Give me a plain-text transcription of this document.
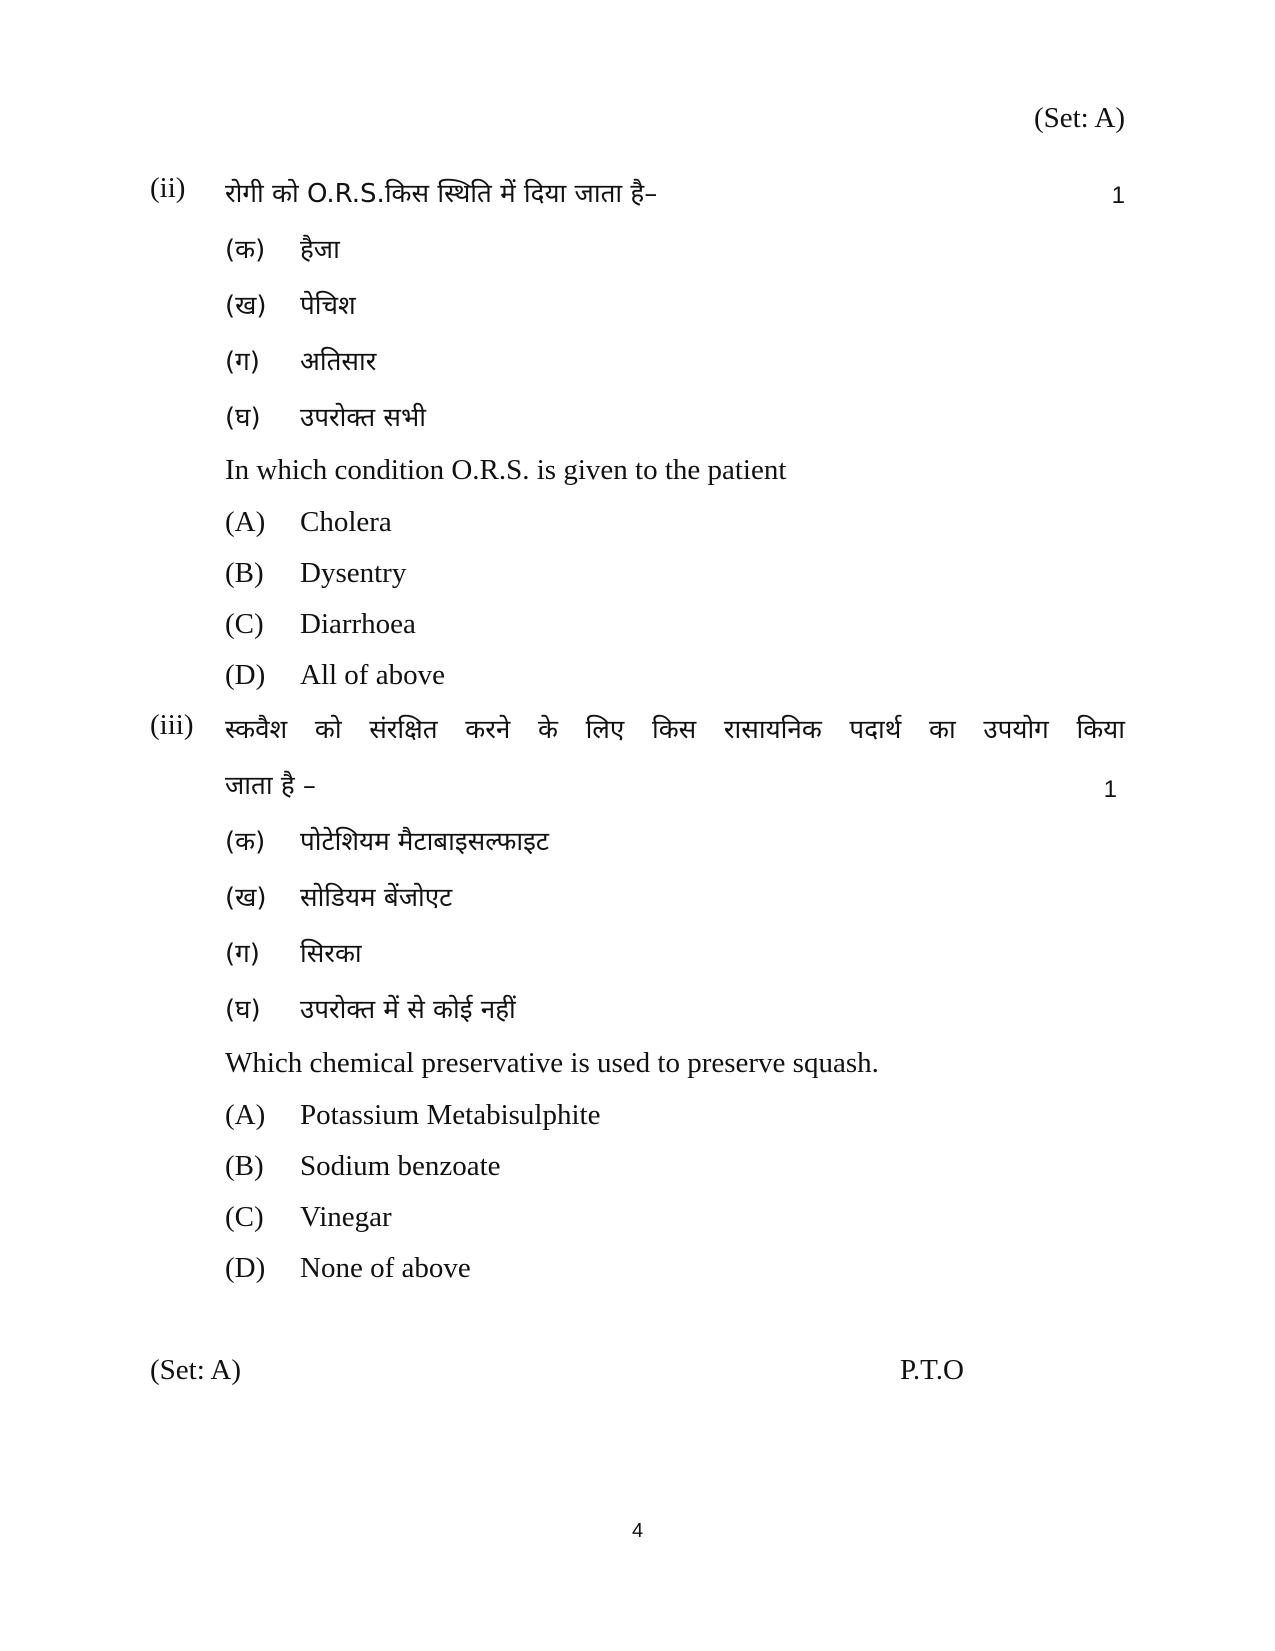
(Set: A)
(ii) रोगी को O.R.S.किस स्थिति में दिया जाता है–	1
(क) हैजा
(ख) पेचिश
(ग) अतिसार
(घ) उपरोक्त सभी
In which condition O.R.S. is given to the patient
(A) Cholera
(B) Dysentry
(C) Diarrhoea
(D) All of above
(iii) स्कवैश को संरक्षित करने के लिए किस रासायनिक पदार्थ का उपयोग किया
जाता है –	1
(क) पोटेशियम मैटाबाइसल्फाइट
(ख) सोडियम बेंजोएट
(ग) सिरका
(घ) उपरोक्त में से कोई नहीं
Which chemical preservative is used to preserve squash.
(A) Potassium Metabisulphite
(B) Sodium benzoate
(C) Vinegar
(D) None of above
(Set: A)	P.T.O
4
